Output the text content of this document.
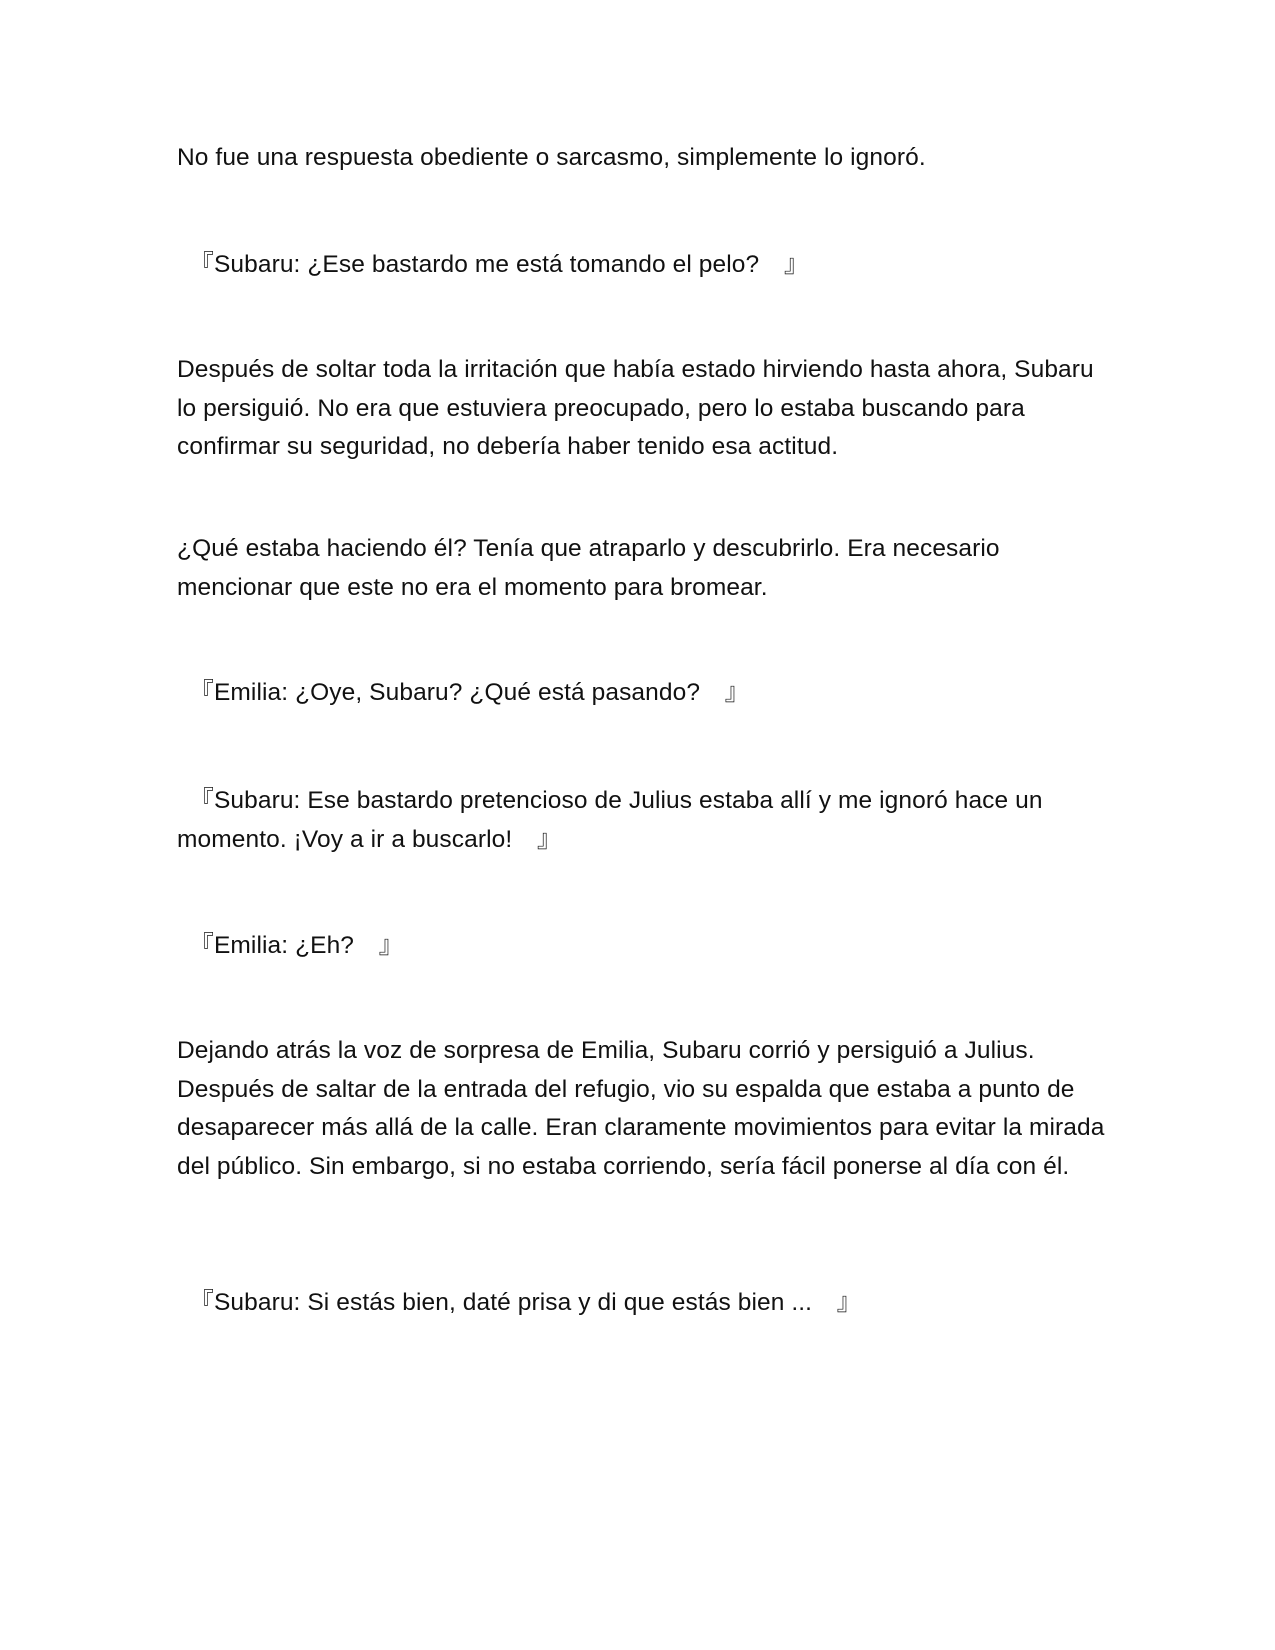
No fue una respuesta obediente o sarcasmo, simplemente lo ignoró.

　『Subaru: ¿Ese bastardo me está tomando el pelo?　』

Después de soltar toda la irritación que había estado hirviendo hasta ahora, Subaru lo persiguió. No era que estuviera preocupado, pero lo estaba buscando para confirmar su seguridad, no debería haber tenido esa actitud.

¿Qué estaba haciendo él? Tenía que atraparlo y descubrirlo. Era necesario mencionar que este no era el momento para bromear.

　『Emilia: ¿Oye, Subaru? ¿Qué está pasando?　』

　『Subaru: Ese bastardo pretencioso de Julius estaba allí y me ignoró hace un momento. ¡Voy a ir a buscarlo!　』

　『Emilia: ¿Eh?　』

Dejando atrás la voz de sorpresa de Emilia, Subaru corrió y persiguió a Julius. Después de saltar de la entrada del refugio, vio su espalda que estaba a punto de desaparecer más allá de la calle. Eran claramente movimientos para evitar la mirada del público. Sin embargo, si no estaba corriendo, sería fácil ponerse al día con él.

　『Subaru: Si estás bien, daté prisa y di que estás bien ...　』
